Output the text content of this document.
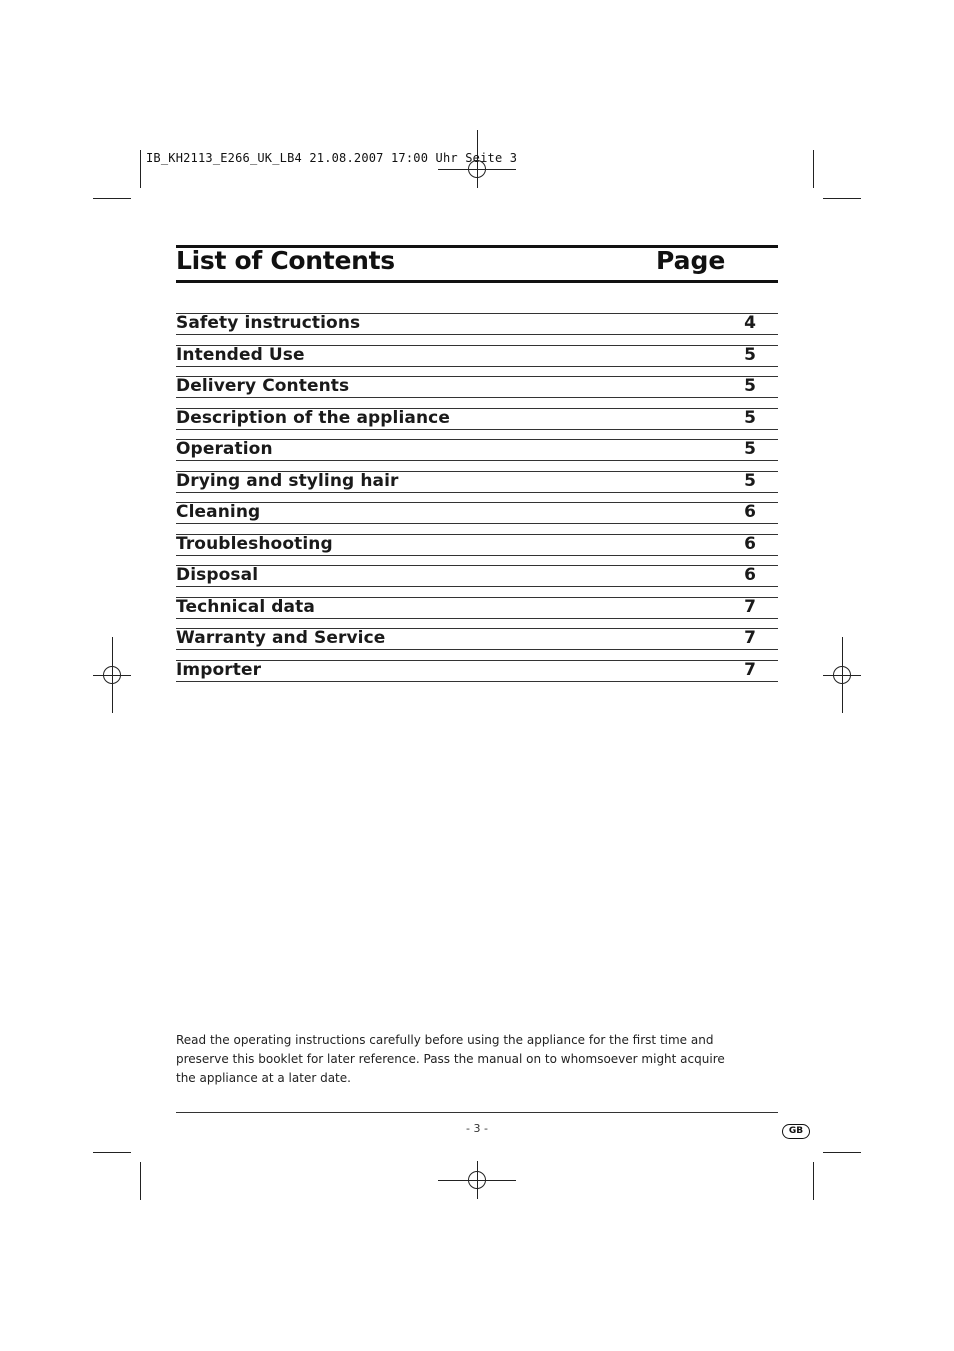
IB_KH2113_E266_UK_LB4 21.08.2007 17:00 Uhr Seite 3
List of Contents	Page
Safety instructions	4
Intended Use	5
Delivery Contents	5
Description of the appliance	5
Operation	5
Drying and styling hair	5
Cleaning	6
Troubleshooting	6
Disposal	6
Technical data	7
Warranty and Service	7
Importer	7
Read the operating instructions carefully before using the appliance for the first time and preserve this booklet for later reference. Pass the manual on to whomsoever might acquire the appliance at a later date.
- 3 -	GB
